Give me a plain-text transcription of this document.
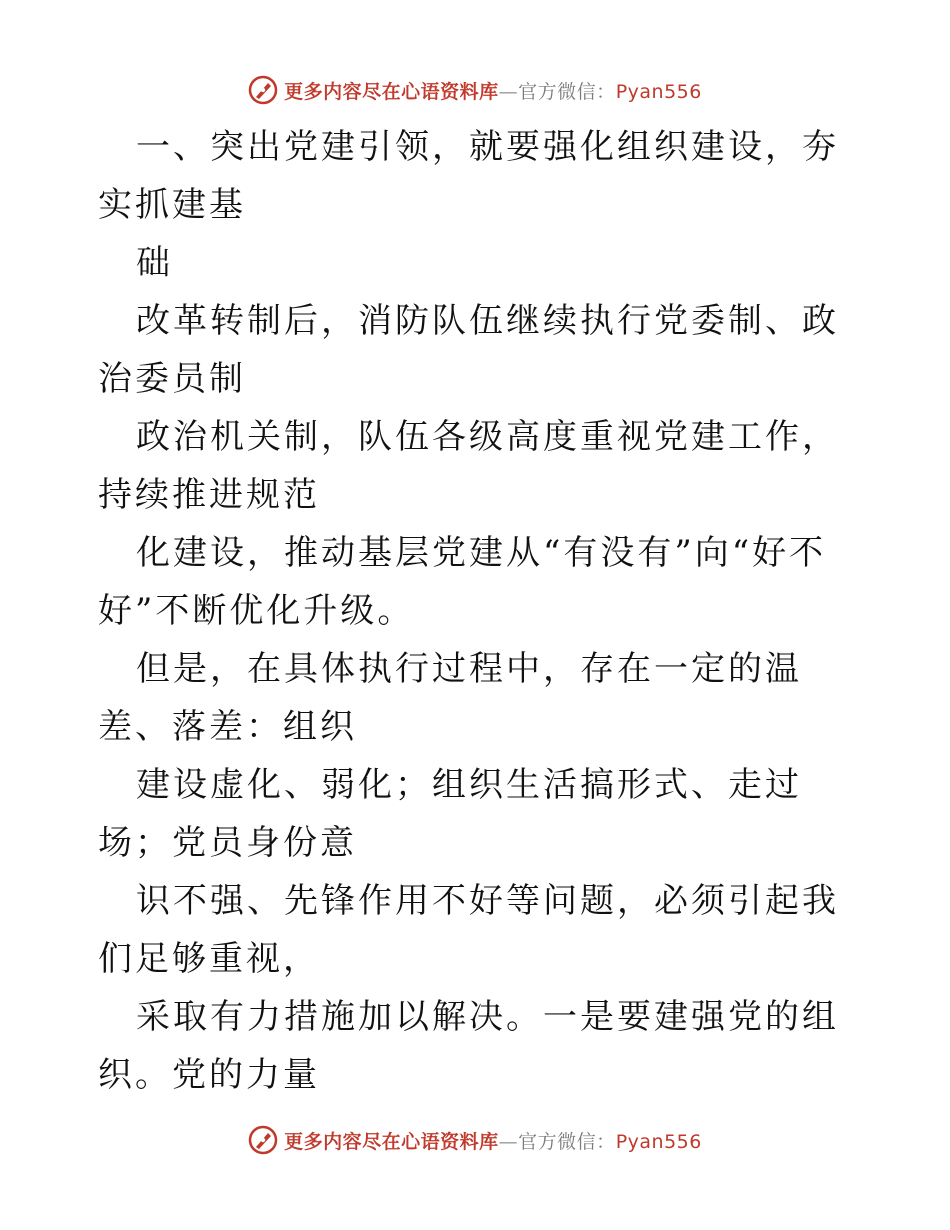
更多内容尽在心语资料库—官方微信：Pyan556

一、突出党建引领，就要强化组织建设，夯实抓建基

础

改革转制后，消防队伍继续执行党委制、政治委员制

政治机关制，队伍各级高度重视党建工作，持续推进规范

化建设，推动基层党建从“有没有”向“好不好”不断优化升级。

但是，在具体执行过程中，存在一定的温差、落差：组织

建设虚化、弱化；组织生活搞形式、走过场；党员身份意

识不强、先锋作用不好等问题，必须引起我们足够重视，

采取有力措施加以解决。一是要建强党的组织。党的力量

更多内容尽在心语资料库—官方微信：Pyan556
